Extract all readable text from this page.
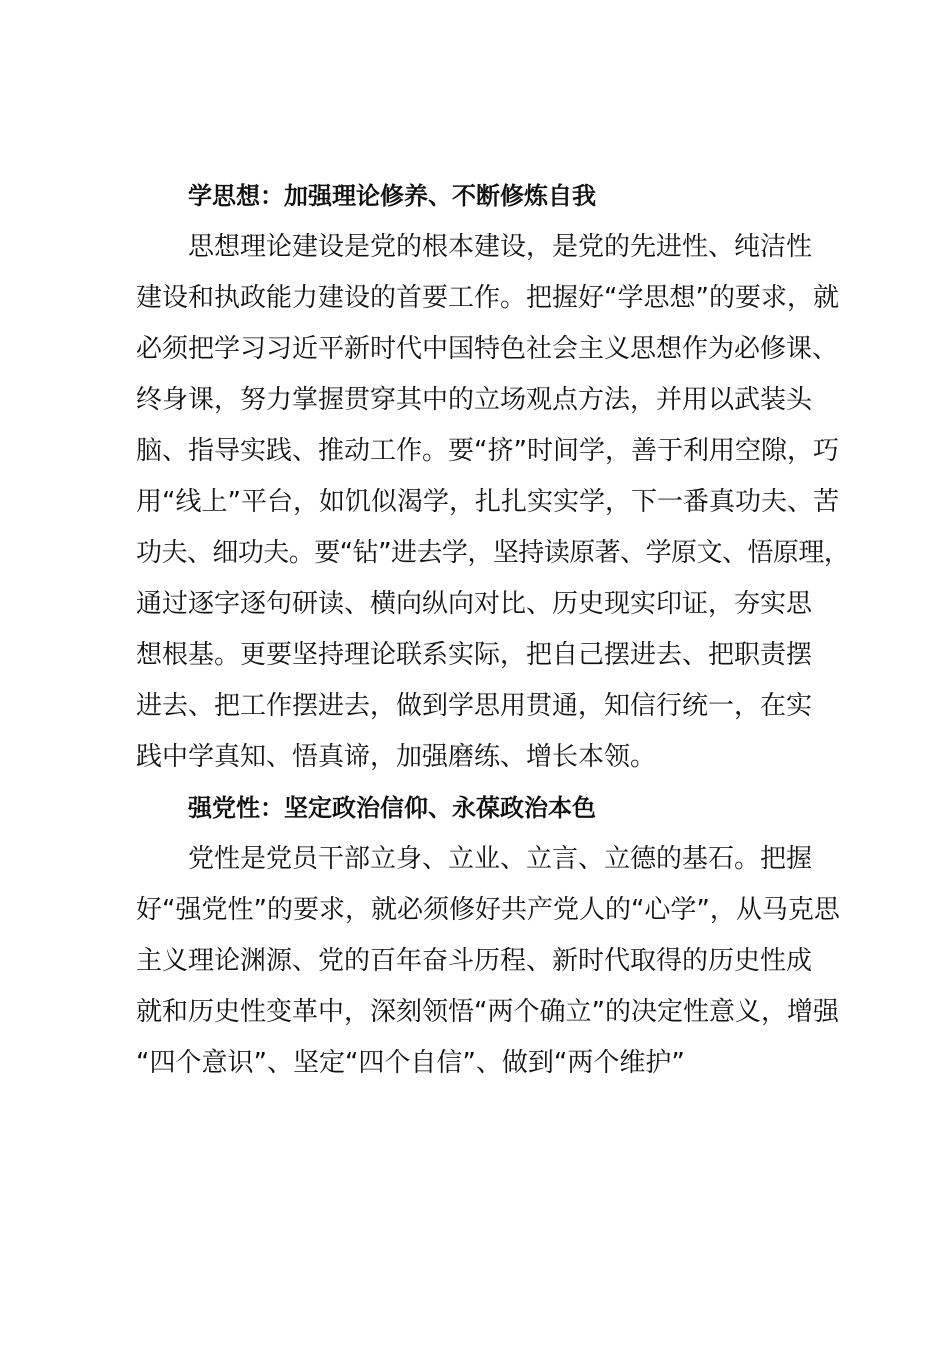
学思想：加强理论修养、不断修炼自我
思想理论建设是党的根本建设，是党的先进性、纯洁性
建设和执政能力建设的首要工作。把握好“学思想”的要求，就
必须把学习习近平新时代中国特色社会主义思想作为必修课、
终身课，努力掌握贯穿其中的立场观点方法，并用以武装头
脑、指导实践、推动工作。要“挤”时间学，善于利用空隙，巧
用“线上”平台，如饥似渴学，扎扎实实学，下一番真功夫、苦
功夫、细功夫。要“钻”进去学，坚持读原著、学原文、悟原理，
通过逐字逐句研读、横向纵向对比、历史现实印证，夯实思
想根基。更要坚持理论联系实际，把自己摆进去、把职责摆
进去、把工作摆进去，做到学思用贯通，知信行统一，在实
践中学真知、悟真谛，加强磨练、增长本领。
强党性：坚定政治信仰、永葆政治本色
党性是党员干部立身、立业、立言、立德的基石。把握
好“强党性”的要求，就必须修好共产党人的“心学”，从马克思
主义理论渊源、党的百年奋斗历程、新时代取得的历史性成
就和历史性变革中，深刻领悟“两个确立”的决定性意义，增强
“四个意识”、坚定“四个自信”、做到“两个维护”
